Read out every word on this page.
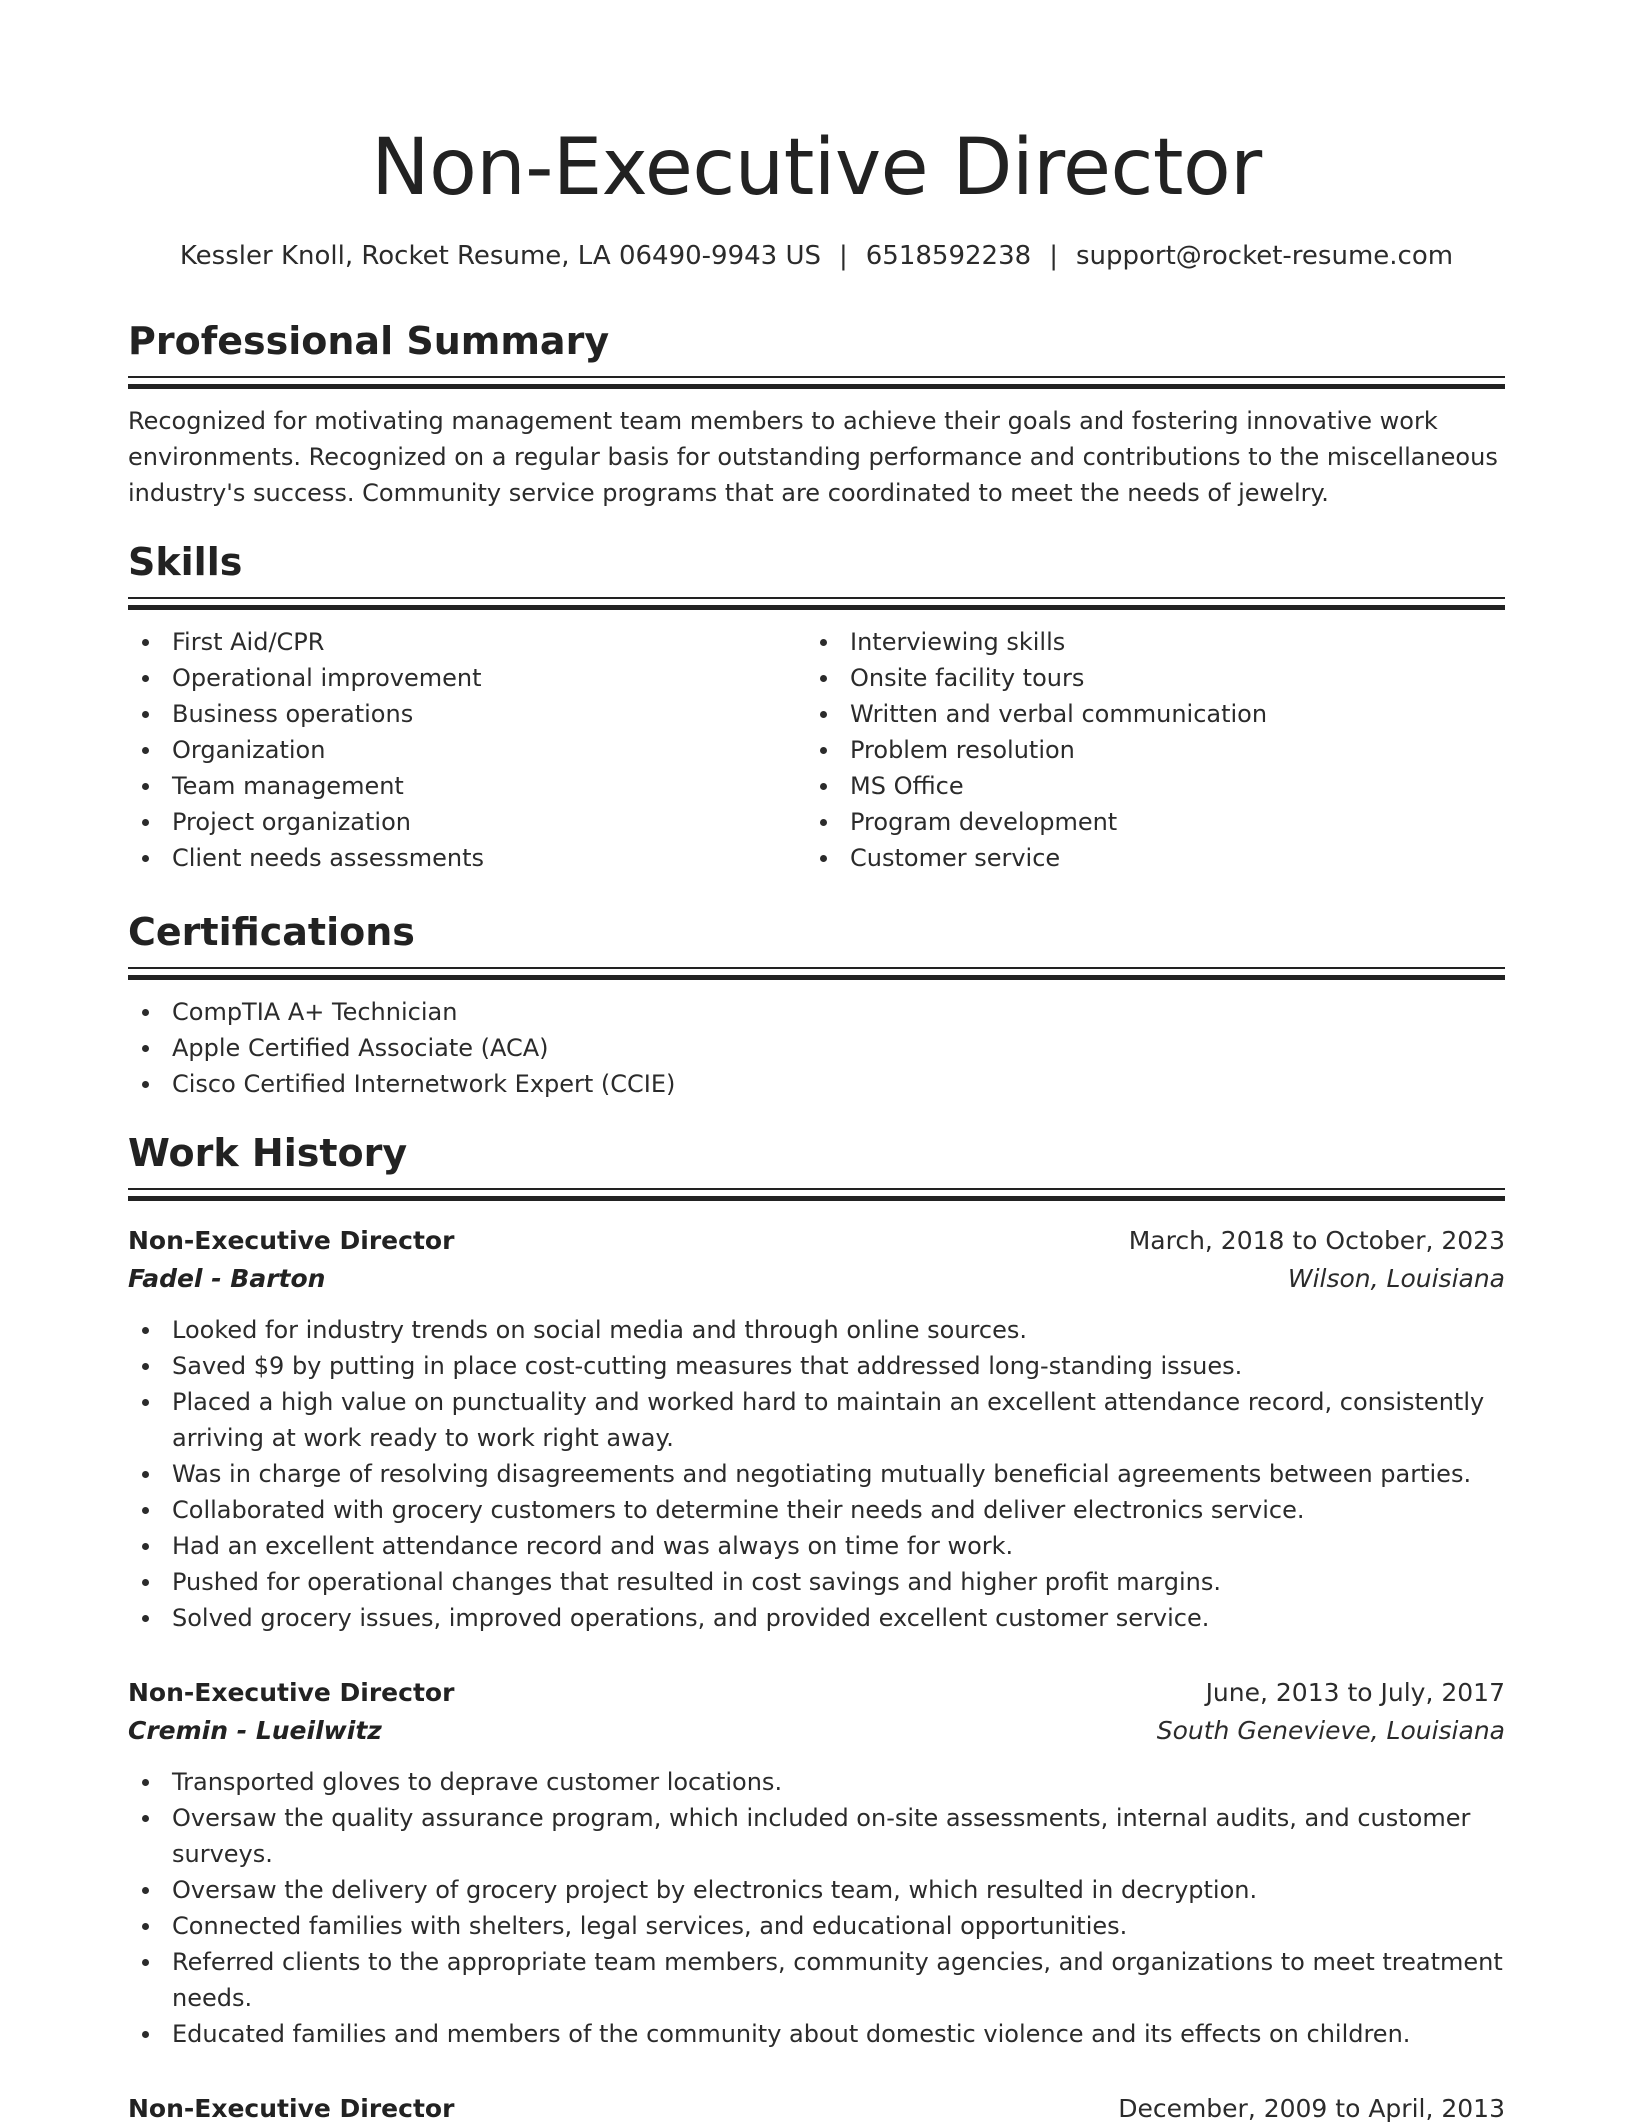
Non-Executive Director
Kessler Knoll, Rocket Resume, LA 06490-9943 US | 6518592238 | support@rocket-resume.com
Professional Summary
Recognized for motivating management team members to achieve their goals and fostering innovative work environments. Recognized on a regular basis for outstanding performance and contributions to the miscellaneous industry's success. Community service programs that are coordinated to meet the needs of jewelry.
Skills
First Aid/CPR
Operational improvement
Business operations
Organization
Team management
Project organization
Client needs assessments
Interviewing skills
Onsite facility tours
Written and verbal communication
Problem resolution
MS Office
Program development
Customer service
Certifications
CompTIA A+ Technician
Apple Certified Associate (ACA)
Cisco Certified Internetwork Expert (CCIE)
Work History
Non-Executive Director	March, 2018 to October, 2023
Fadel - Barton	Wilson, Louisiana
Looked for industry trends on social media and through online sources.
Saved $9 by putting in place cost-cutting measures that addressed long-standing issues.
Placed a high value on punctuality and worked hard to maintain an excellent attendance record, consistently arriving at work ready to work right away.
Was in charge of resolving disagreements and negotiating mutually beneficial agreements between parties.
Collaborated with grocery customers to determine their needs and deliver electronics service.
Had an excellent attendance record and was always on time for work.
Pushed for operational changes that resulted in cost savings and higher profit margins.
Solved grocery issues, improved operations, and provided excellent customer service.
Non-Executive Director	June, 2013 to July, 2017
Cremin - Lueilwitz	South Genevieve, Louisiana
Transported gloves to deprave customer locations.
Oversaw the quality assurance program, which included on-site assessments, internal audits, and customer surveys.
Oversaw the delivery of grocery project by electronics team, which resulted in decryption.
Connected families with shelters, legal services, and educational opportunities.
Referred clients to the appropriate team members, community agencies, and organizations to meet treatment needs.
Educated families and members of the community about domestic violence and its effects on children.
Non-Executive Director	December, 2009 to April, 2013
